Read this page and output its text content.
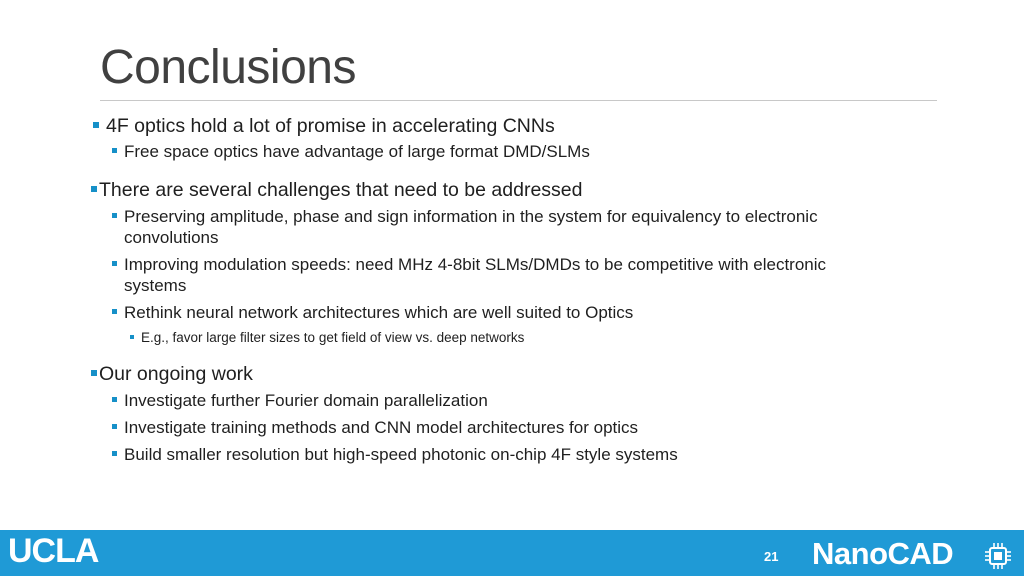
Conclusions
4F optics hold a lot of promise in accelerating CNNs
Free space optics have advantage of large format DMD/SLMs
There are several challenges that need to be addressed
Preserving amplitude, phase and sign information in the system for equivalency to electronic
convolutions
Improving modulation speeds: need MHz 4-8bit SLMs/DMDs to be competitive with electronic
systems
Rethink neural network architectures which are well suited to Optics
E.g., favor large filter sizes to get field of view vs. deep networks
Our ongoing work
Investigate further Fourier domain parallelization
Investigate training methods and CNN model architectures for optics
Build smaller resolution but high-speed photonic on-chip 4F style systems
UCLA	21 NanoCAD
